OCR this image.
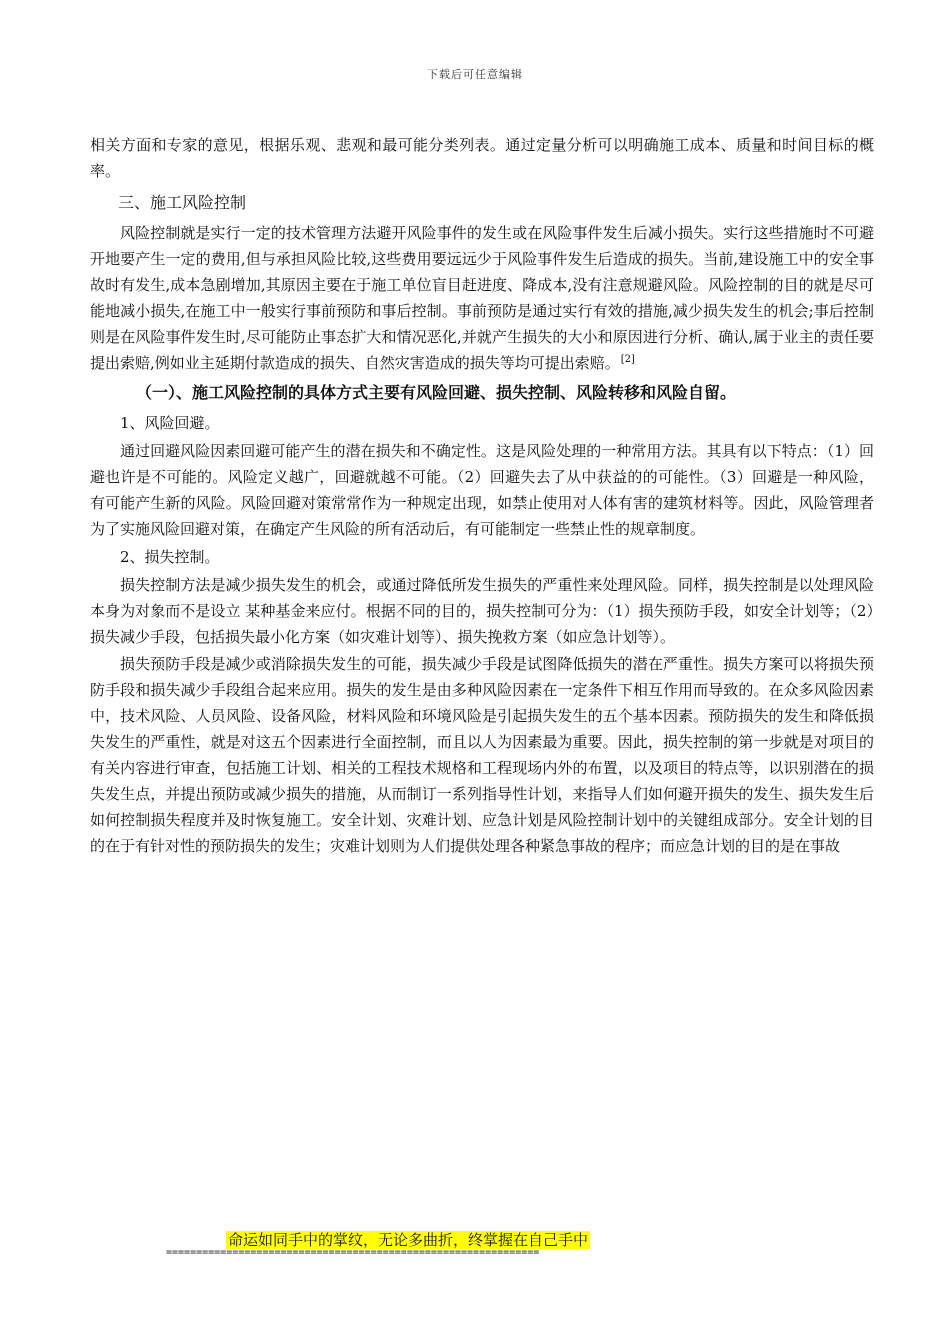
下载后可任意编辑
相关方面和专家的意见，根据乐观、悲观和最可能分类列表。通过定量分析可以明确施工成本、质量和时间目标的概率。
三、施工风险控制
风险控制就是实行一定的技术管理方法避开风险事件的发生或在风险事件发生后减小损失。实行这些措施时不可避开地要产生一定的费用,但与承担风险比较,这些费用要远远少于风险事件发生后造成的损失。当前,建设施工中的安全事故时有发生,成本急剧增加,其原因主要在于施工单位盲目赶进度、降成本,没有注意规避风险。风险控制的目的就是尽可能地减小损失,在施工中一般实行事前预防和事后控制。事前预防是通过实行有效的措施,减少损失发生的机会;事后控制则是在风险事件发生时,尽可能防止事态扩大和情况恶化,并就产生损失的大小和原因进行分析、确认,属于业主的责任要提出索赔,例如业主延期付款造成的损失、自然灾害造成的损失等均可提出索赔。[2]
（一）、施工风险控制的具体方式主要有风险回避、损失控制、风险转移和风险自留。
1、风险回避。
通过回避风险因素回避可能产生的潜在损失和不确定性。这是风险处理的一种常用方法。其具有以下特点：（1）回避也许是不可能的。风险定义越广，回避就越不可能。（2）回避失去了从中获益的的可能性。（3）回避是一种风险，有可能产生新的风险。风险回避对策常常作为一种规定出现，如禁止使用对人体有害的建筑材料等。因此，风险管理者为了实施风险回避对策，在确定产生风险的所有活动后，有可能制定一些禁止性的规章制度。
2、损失控制。
损失控制方法是减少损失发生的机会，或通过降低所发生损失的严重性来处理风险。同样，损失控制是以处理风险本身为对象而不是设立 某种基金来应付。根据不同的目的，损失控制可分为：（1）损失预防手段，如安全计划等；（2）损失减少手段，包括损失最小化方案（如灾难计划等）、损失挽救方案（如应急计划等）。
损失预防手段是减少或消除损失发生的可能，损失减少手段是试图降低损失的潜在严重性。损失方案可以将损失预防手段和损失减少手段组合起来应用。损失的发生是由多种风险因素在一定条件下相互作用而导致的。在众多风险因素中，技术风险、人员风险、设备风险，材料风险和环境风险是引起损失发生的五个基本因素。预防损失的发生和降低损失发生的严重性，就是对这五个因素进行全面控制，而且以人为因素最为重要。因此，损失控制的第一步就是对项目的有关内容进行审查，包括施工计划、相关的工程技术规格和工程现场内外的布置，以及项目的特点等，以识别潜在的损失发生点，并提出预防或减少损失的措施，从而制订一系列指导性计划，来指导人们如何避开损失的发生、损失发生后如何控制损失程度并及时恢复施工。安全计划、灾难计划、应急计划是风险控制计划中的关键组成部分。安全计划的目的在于有针对性的预防损失的发生；灾难计划则为人们提供处理各种紧急事故的程序；而应急计划的目的是在事故
命运如同手中的掌纹，无论多曲折，终掌握在自己手中
==============================================================
